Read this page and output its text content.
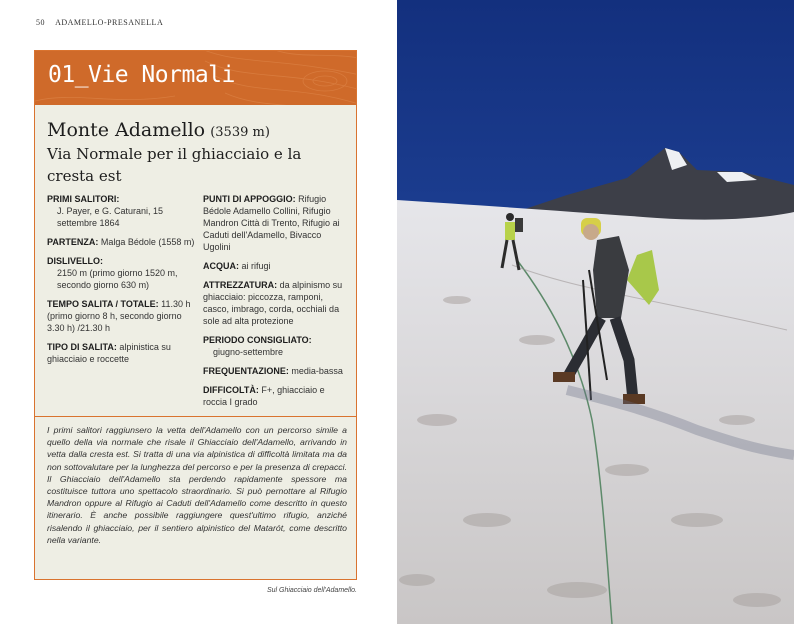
50 ADAMELLO-PRESANELLA
01_Vie Normali
Monte Adamello (3539 m)
Via Normale per il ghiacciaio e la cresta est
PRIMI SALITORI:
J. Payer, e G. Caturani, 15 settembre 1864
PARTENZA: Malga Bédole (1558 m)
DISLIVELLO:
2150 m (primo giorno 1520 m, secondo giorno 630 m)
TEMPO SALITA / TOTALE: 11.30 h (primo giorno 8 h, secondo giorno 3.30 h) /21.30 h
TIPO DI SALITA: alpinistica su ghiacciaio e roccette
PUNTI DI APPOGGIO: Rifugio Bédole Adamello Collini, Rifugio Mandron Città di Trento, Rifugio ai Caduti dell'Adamello, Bivacco Ugolini
ACQUA: ai rifugi
ATTREZZATURA: da alpinismo su ghiacciaio: piccozza, ramponi, casco, imbrago, corda, occhiali da sole ad alta protezione
PERIODO CONSIGLIATO:
giugno-settembre
FREQUENTAZIONE: media-bassa
DIFFICOLTÀ: F+, ghiacciaio e roccia I grado

I primi salitori raggiunsero la vetta dell'Adamello con un percorso simile a quello della via normale che risale il Ghiacciaio dell'Adamello, arrivando in vetta dalla cresta est. Si tratta di una via alpinistica di difficoltà limitata ma da non sottovalutare per la lunghezza del percorso e per la presenza di crepacci. Il Ghiacciaio dell'Adamello sta perdendo rapidamente spessore ma costituisce tuttora uno spettacolo straordinario. Si può pernottare al Rifugio Mandron oppure al Rifugio ai Caduti dell'Adamello come descritto in questo itinerario. È anche possibile raggiungere quest'ultimo rifugio, anziché risalendo il ghiacciaio, per il sentiero alpinistico del Matarót, come descritto nella variante.

Sul Ghiacciaio dell'Adamello.
